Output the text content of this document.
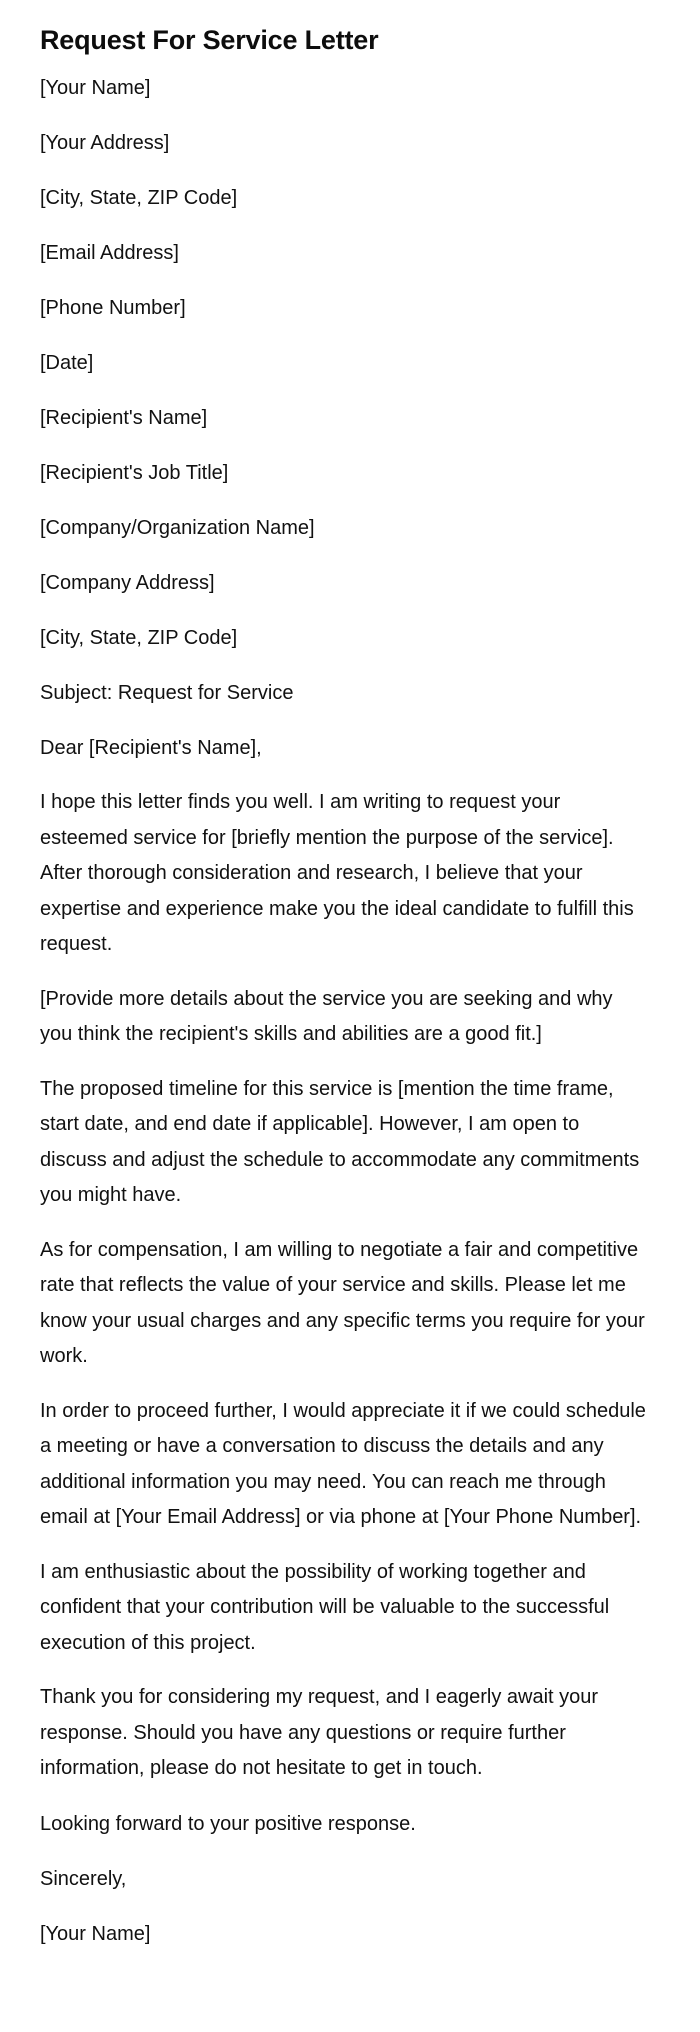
Request For Service Letter

[Your Name]

[Your Address]

[City, State, ZIP Code]

[Email Address]

[Phone Number]

[Date]

[Recipient's Name]

[Recipient's Job Title]

[Company/Organization Name]

[Company Address]

[City, State, ZIP Code]

Subject: Request for Service

Dear [Recipient's Name],

I hope this letter finds you well. I am writing to request your esteemed service for [briefly mention the purpose of the service]. After thorough consideration and research, I believe that your expertise and experience make you the ideal candidate to fulfill this request.

[Provide more details about the service you are seeking and why you think the recipient's skills and abilities are a good fit.]

The proposed timeline for this service is [mention the time frame, start date, and end date if applicable]. However, I am open to discuss and adjust the schedule to accommodate any commitments you might have.

As for compensation, I am willing to negotiate a fair and competitive rate that reflects the value of your service and skills. Please let me know your usual charges and any specific terms you require for your work.

In order to proceed further, I would appreciate it if we could schedule a meeting or have a conversation to discuss the details and any additional information you may need. You can reach me through email at [Your Email Address] or via phone at [Your Phone Number].

I am enthusiastic about the possibility of working together and confident that your contribution will be valuable to the successful execution of this project.

Thank you for considering my request, and I eagerly await your response. Should you have any questions or require further information, please do not hesitate to get in touch.

Looking forward to your positive response.

Sincerely,

[Your Name]
